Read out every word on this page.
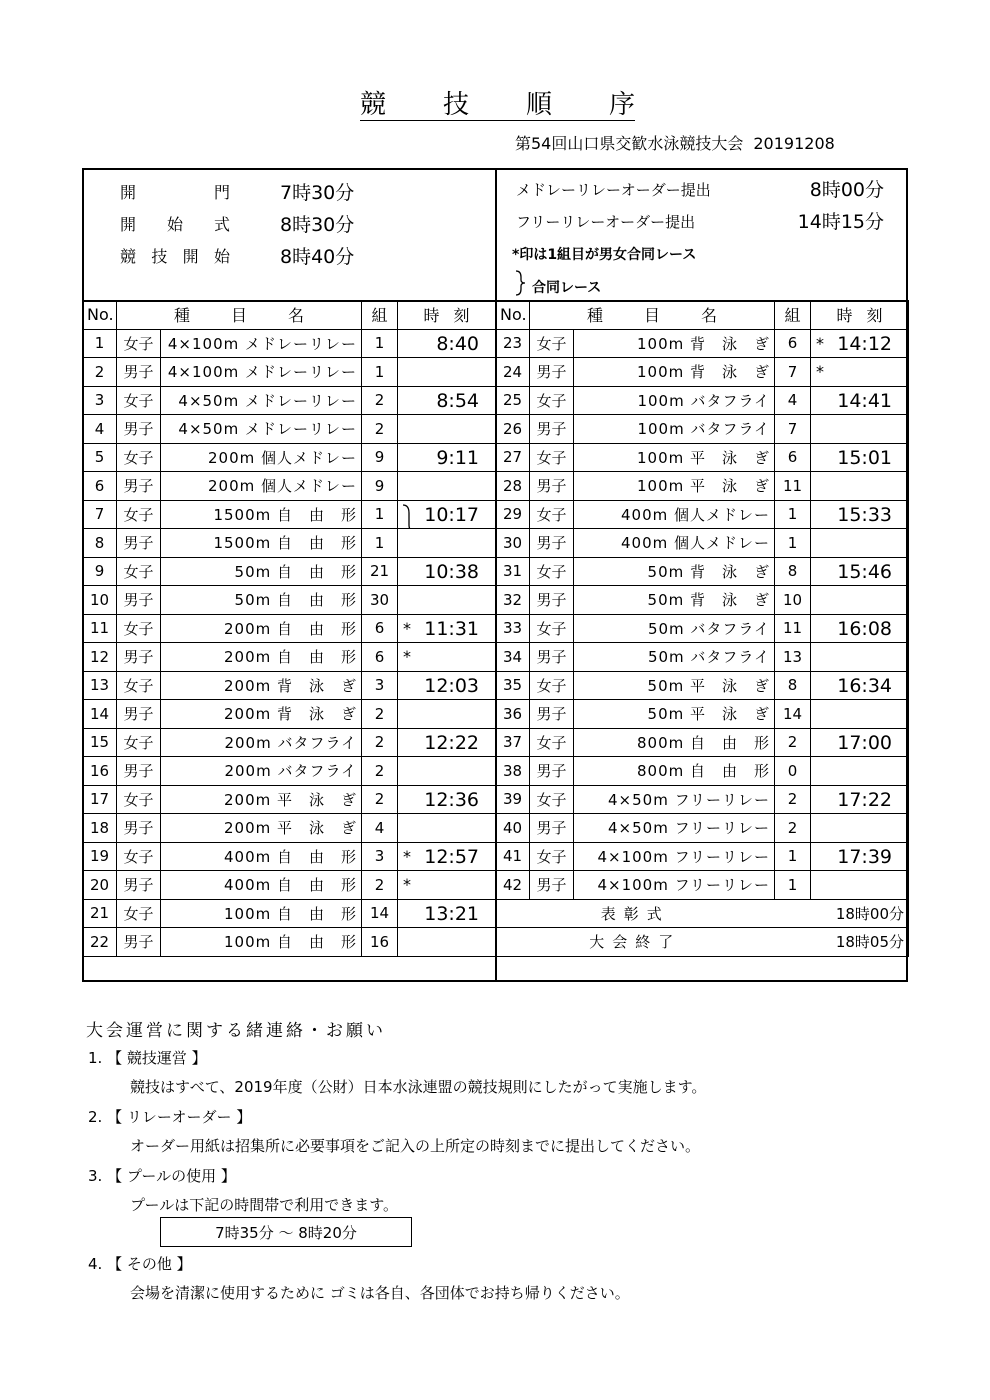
競 技 順 序
第54回山口県交歓水泳競技大会 20191208
開	門	7時30分
開 始 式	8時30分
競 技 開 始	8時40分
メドレーリレーオーダー提出	8時00分
フリーリレーオーダー提出	14時15分
*印は1組目が男女合同レース
合同レース
No.	種 目 名		組	時 刻

1	女子	4×100m メドレーリレー	1	8:40

2	男子	4×100m メドレーリレー	1	

3	女子	4×50m メドレーリレー	2	8:54

4	男子	4×50m メドレーリレー	2	

5	女子	200m 個人メドレー	9	9:11

6	男子	200m 個人メドレー	9	

7	女子	1500m 自　由　形	1	10:17

8	男子	1500m 自　由　形	1	

9	女子	50m 自　由　形	21	10:38

10	男子	50m 自　由　形	30	

11	女子	200m 自　由　形	6	* 11:31

12	男子	200m 自　由　形	6	*

13	女子	200m 背　泳　ぎ	3	12:03

14	男子	200m 背　泳　ぎ	2	

15	女子	200m バタフライ	2	12:22

16	男子	200m バタフライ	2	

17	女子	200m 平　泳　ぎ	2	12:36

18	男子	200m 平　泳　ぎ	4	

19	女子	400m 自　由　形	3	* 12:57

20	男子	400m 自　由　形	2	*

21	女子	100m 自　由　形	14	13:21

22	男子	100m 自　由　形	16	
No.	種 目 名		組	時 刻

23	女子	100m 背　泳　ぎ	6	* 14:12

24	男子	100m 背　泳　ぎ	7	*

25	女子	100m バタフライ	4	14:41

26	男子	100m バタフライ	7	

27	女子	100m 平　泳　ぎ	6	15:01

28	男子	100m 平　泳　ぎ	11	

29	女子	400m 個人メドレー	1	15:33

30	男子	400m 個人メドレー	1	

31	女子	50m 背　泳　ぎ	8	15:46

32	男子	50m 背　泳　ぎ	10	

33	女子	50m バタフライ	11	16:08

34	男子	50m バタフライ	13	

35	女子	50m 平　泳　ぎ	8	16:34

36	男子	50m 平　泳　ぎ	14	

37	女子	800m 自　由　形	2	17:00

38	男子	800m 自　由　形	0	

39	女子	4×50m フリーリレー	2	17:22

40	男子	4×50m フリーリレー	2	

41	女子	4×100m フリーリレー	1	17:39

42	男子	4×100m フリーリレー	1	

表彰式			18時00分	
大会終了			18時05分	
大会運営に関する緒連絡・お願い
1. 【 競技運営 】
競技はすべて、2019年度（公財）日本水泳連盟の競技規則にしたがって実施します。
2. 【 リレーオーダー 】
オーダー用紙は招集所に必要事項をご記入の上所定の時刻までに提出してください。
3. 【 プールの使用 】
プールは下記の時間帯で利用できます。
7時35分 ～ 8時20分
4. 【 その他 】
会場を清潔に使用するために ゴミは各自、各団体でお持ち帰りください。
